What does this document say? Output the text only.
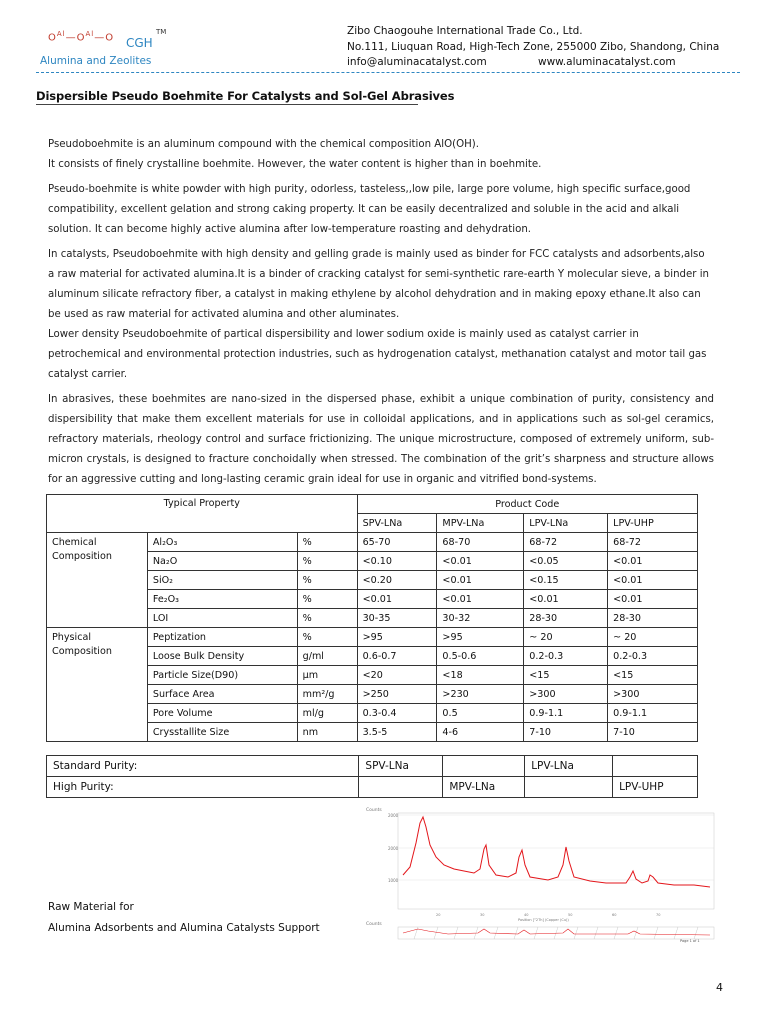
$O^{Al}—O^{Al}—O$ CGH
TM
Alumina and Zeolites
Zibo Chaogouhe International Trade Co., Ltd.
No.111, Liuquan Road, High-Tech Zone, 255000 Zibo, Shandong, China
info@aluminacatalyst.com	www.aluminacatalyst.com
Dispersible Pseudo Boehmite For Catalysts and Sol-Gel Abrasives

Pseudoboehmite is an aluminum compound with the chemical composition AlO(OH).

It consists of finely crystalline boehmite. However, the water content is higher than in boehmite.

Pseudo-boehmite is white powder with high purity, odorless, tasteless,,low pile, large pore volume, high specific surface,good compatibility, excellent gelation and strong caking property. It can be easily decentralized and soluble in the acid and alkali solution. It can become highly active alumina after low-temperature roasting and dehydration.

In catalysts, Pseudoboehmite with high density and gelling grade is mainly used as binder for FCC catalysts and adsorbents,also a raw material for activated alumina.It is a binder of cracking catalyst for semi-synthetic rare-earth Y molecular sieve, a binder in aluminum silicate refractory fiber, a catalyst in making ethylene by alcohol dehydration and in making epoxy ethane.It also can be used as raw material for activated alumina and other aluminates.

Lower density Pseudoboehmite of partical dispersibility and lower sodium oxide is mainly used as catalyst carrier in petrochemical and environmental protection industries, such as hydrogenation catalyst, methanation catalyst and motor tail gas catalyst carrier.

In abrasives, these boehmites are nano-sized in the dispersed phase, exhibit a unique combination of purity, consistency and dispersibility that make them excellent materials for use in colloidal applications, and in applications such as sol-gel ceramics, refractory materials, rheology control and surface frictionizing. The unique microstructure, composed of extremely uniform, sub-micron crystals, is designed to fracture conchoidally when stressed. The combination of the grit’s sharpness and structure allows for an aggressive cutting and long-lasting ceramic grain ideal for use in organic and vitrified bond-systems.

Typical Property			Product Code			
			SPV-LNa	MPV-LNa	LPV-LNa	LPV-UHP
Chemical Composition	Al₂O₃	%	65-70	68-70	68-72	68-72
	Na₂O	%	<0.10	<0.01	<0.05	<0.01
	SiO₂	%	<0.20	<0.01	<0.15	<0.01
	Fe₂O₃	%	<0.01	<0.01	<0.01	<0.01
	LOI	%	30-35	30-32	28-30	28-30
Physical Composition	Peptization	%	>95	>95	~ 20	~ 20
	Loose Bulk Density	g/ml	0.6-0.7	0.5-0.6	0.2-0.3	0.2-0.3
	Particle Size(D90)	μm	<20	<18	<15	<15
	Surface Area	mm²/g	>250	>230	>300	>300
	Pore Volume	ml/g	0.3-0.4	0.5	0.9-1.1	0.9-1.1
	Crysstallite Size	nm	3.5-5	4-6	7-10	7-10
Standard Purity:	SPV-LNa		LPV-LNa	
High Purity:		MPV-LNa		LPV-UHP
Counts
2000
2000
1000
20	30	40	50	60	70
Position [°2Th] (Copper (Cu))
Counts
Page 1 of 1
Raw Material for
Alumina Adsorbents and Alumina Catalysts Support
4
